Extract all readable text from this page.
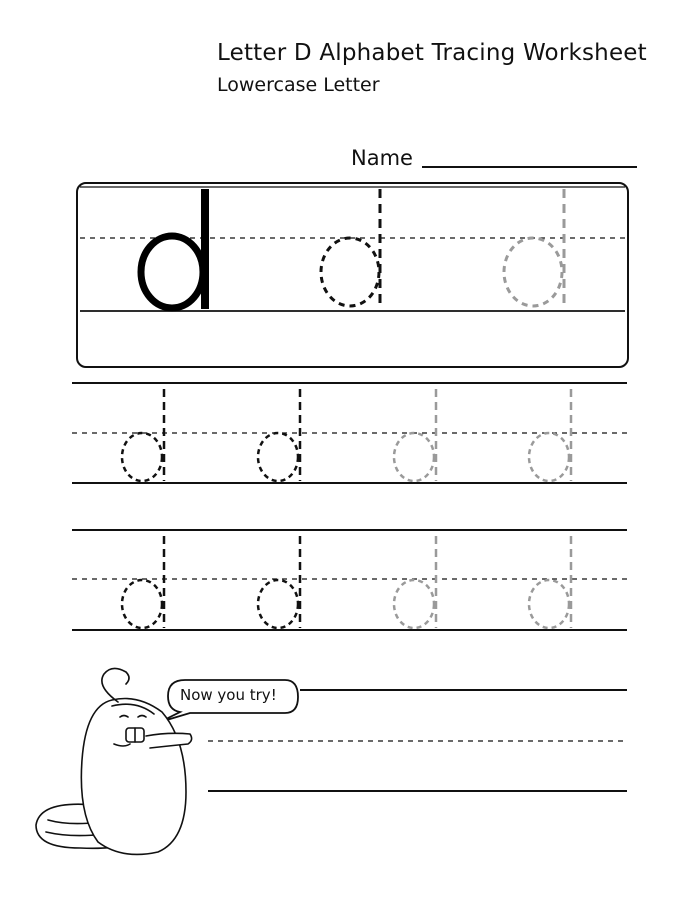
Letter D Alphabet Tracing Worksheet
Lowercase Letter
Name
Now you try!
